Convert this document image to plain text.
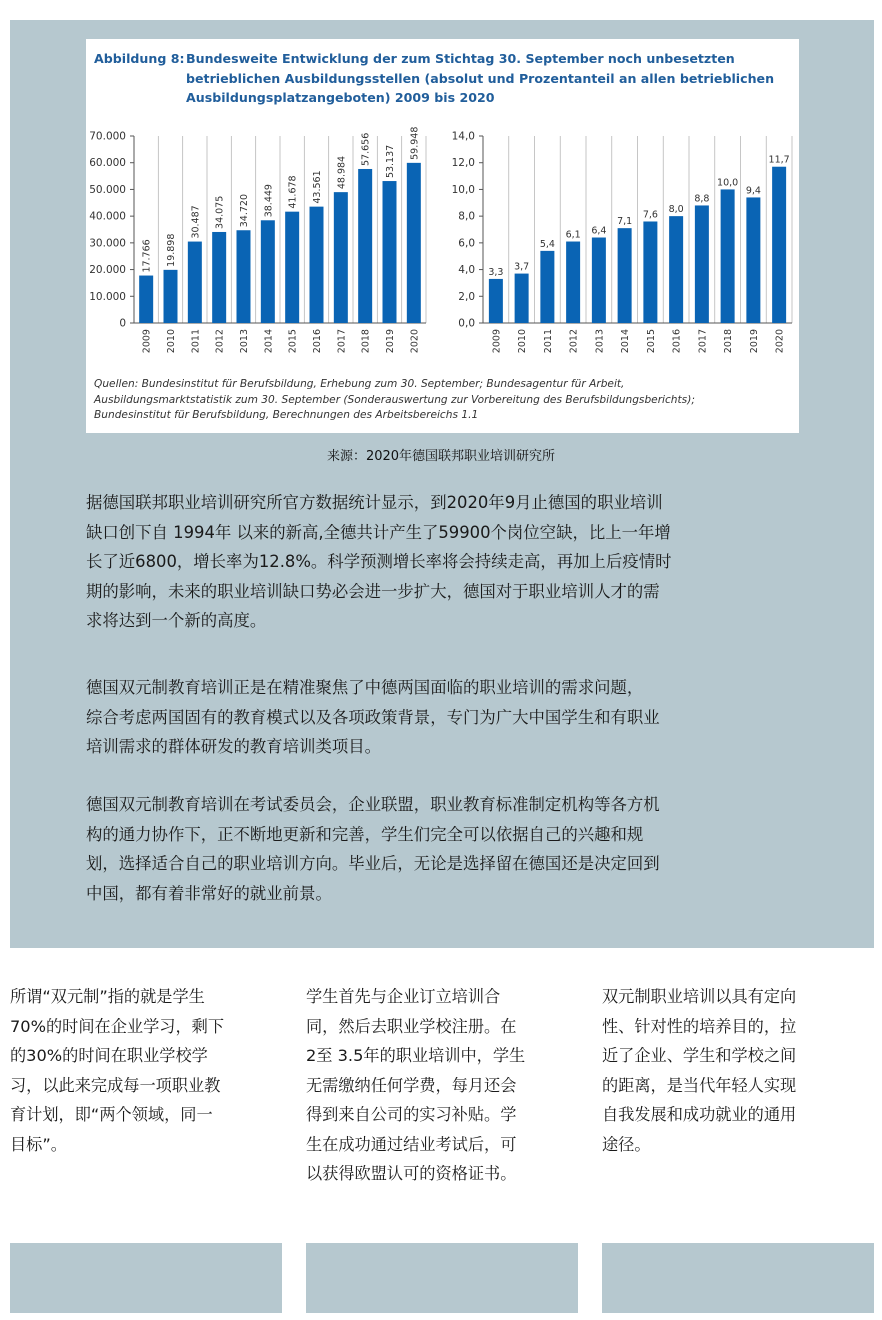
Abbildung 8:Bundesweite Entwicklung der zum Stichtag 30. September noch unbesetzten
betrieblichen Ausbildungsstellen (absolut und Prozentanteil an allen betrieblichen
Ausbildungsplatzangeboten) 2009 bis 2020
0
10.000
20.000
30.000
40.000
50.000
60.000
70.000
17.766
2009
19.898
2010
30.487
2011
34.075
2012
34.720
2013
38.449
2014
41.678
2015
43.561
2016
48.984
2017
57.656
2018
53.137
2019
59.948
2020
0,0
2,0
4,0
6,0
8,0
10,0
12,0
14,0
3,3
2009
3,7
2010
5,4
2011
6,1
2012
6,4
2013
7,1
2014
7,6
2015
8,0
2016
8,8
2017
10,0
2018
9,4
2019
11,7
2020
Quellen: Bundesinstitut für Berufsbildung, Erhebung zum 30. September; Bundesagentur für Arbeit,
Ausbildungsmarktstatistik zum 30. September (Sonderauswertung zur Vorbereitung des Berufsbildungsberichts);
Bundesinstitut für Berufsbildung, Berechnungen des Arbeitsbereichs 1.1
来源：2020年德国联邦职业培训研究所
据德国联邦职业培训研究所官方数据统计显示，到2020年9月止德国的职业培训
缺口创下自 1994年 以来的新高,全德共计产生了59900个岗位空缺，比上一年增
长了近6800，增长率为12.8%。科学预测增长率将会持续走高，再加上后疫情时
期的影响，未来的职业培训缺口势必会进一步扩大，德国对于职业培训人才的需
求将达到一个新的高度。
德国双元制教育培训正是在精准聚焦了中德两国面临的职业培训的需求问题，
综合考虑两国固有的教育模式以及各项政策背景，专门为广大中国学生和有职业
培训需求的群体研发的教育培训类项目。
德国双元制教育培训在考试委员会，企业联盟，职业教育标准制定机构等各方机
构的通力协作下，正不断地更新和完善，学生们完全可以依据自己的兴趣和规
划，选择适合自己的职业培训方向。毕业后，无论是选择留在德国还是决定回到
中国，都有着非常好的就业前景。
所谓“双元制”指的就是学生
70%的时间在企业学习，剩下
的30%的时间在职业学校学
习，以此来完成每一项职业教
育计划，即“两个领域，同一
目标”。
学生首先与企业订立培训合
同，然后去职业学校注册。在
2至 3.5年的职业培训中，学生
无需缴纳任何学费，每月还会
得到来自公司的实习补贴。学
生在成功通过结业考试后，可
以获得欧盟认可的资格证书。
双元制职业培训以具有定向
性、针对性的培养目的，拉
近了企业、学生和学校之间
的距离，是当代年轻人实现
自我发展和成功就业的通用
途径。
